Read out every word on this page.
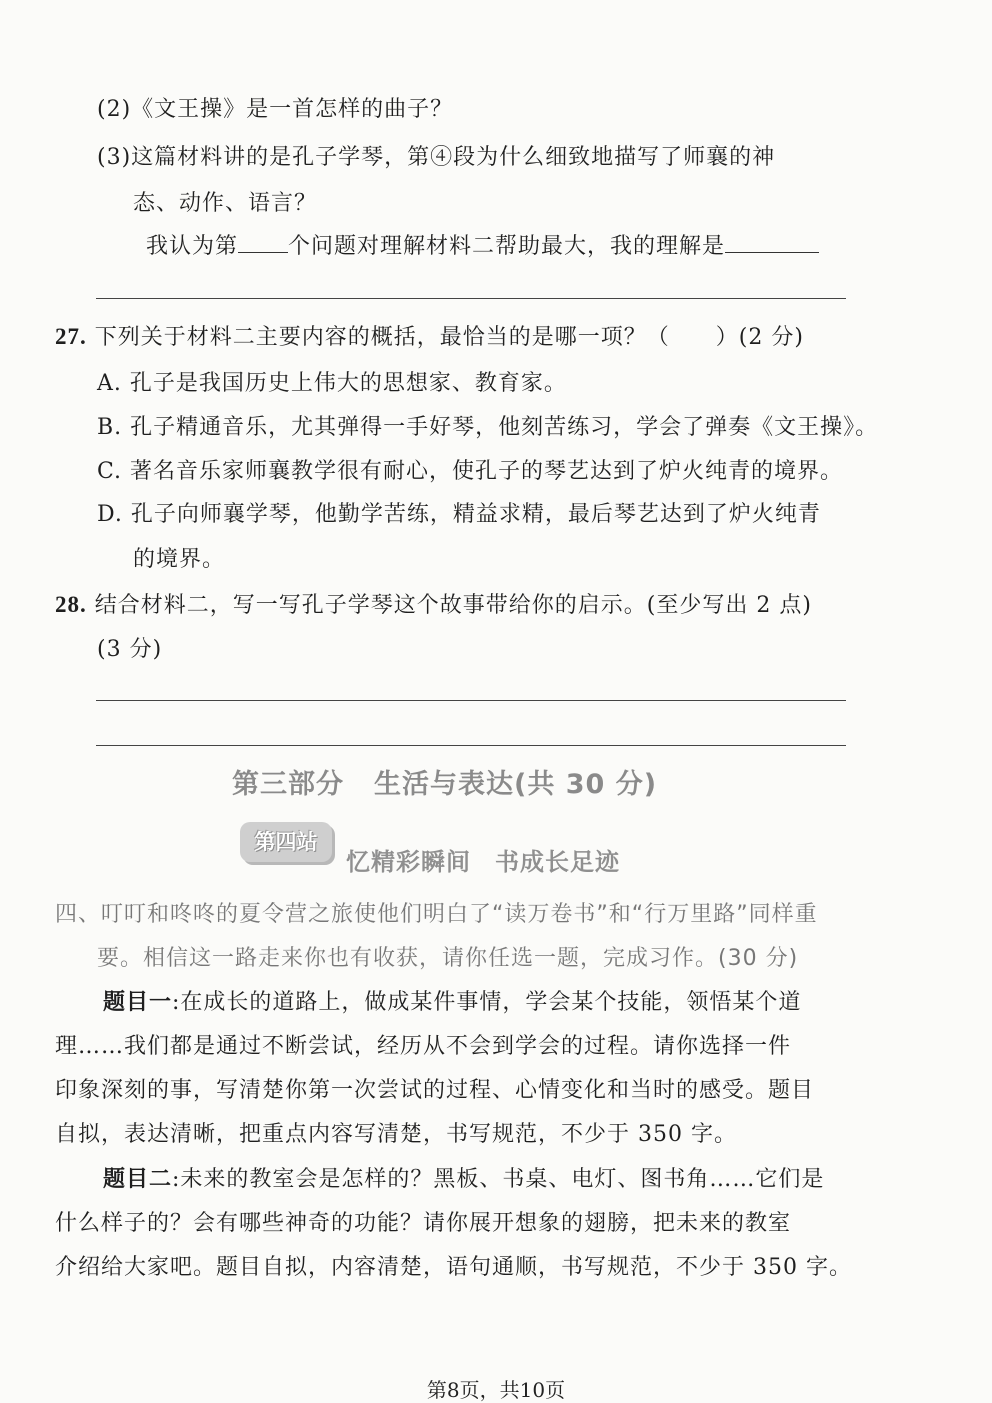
(2)《文王操》是一首怎样的曲子？
(3)这篇材料讲的是孔子学琴，第④段为什么细致地描写了师襄的神
态、动作、语言？
我认为第 个问题对理解材料二帮助最大，我的理解是
27. 下列关于材料二主要内容的概括，最恰当的是哪一项？（　　）(2 分)
A. 孔子是我国历史上伟大的思想家、教育家。
B. 孔子精通音乐，尤其弹得一手好琴，他刻苦练习，学会了弹奏《文王操》。
C. 著名音乐家师襄教学很有耐心，使孔子的琴艺达到了炉火纯青的境界。
D. 孔子向师襄学琴，他勤学苦练，精益求精，最后琴艺达到了炉火纯青
的境界。
28. 结合材料二，写一写孔子学琴这个故事带给你的启示。(至少写出 2 点)
(3 分)
第三部分 生活与表达(共 30 分)
第四站
忆精彩瞬间 书成长足迹
四、叮叮和咚咚的夏令营之旅使他们明白了“读万卷书”和“行万里路”同样重
要。相信这一路走来你也有收获，请你任选一题，完成习作。(30 分)
题目一:在成长的道路上，做成某件事情，学会某个技能，领悟某个道
理……我们都是通过不断尝试，经历从不会到学会的过程。请你选择一件
印象深刻的事，写清楚你第一次尝试的过程、心情变化和当时的感受。题目
自拟，表达清晰，把重点内容写清楚，书写规范，不少于 350 字。
题目二:未来的教室会是怎样的？黑板、书桌、电灯、图书角……它们是
什么样子的？会有哪些神奇的功能？请你展开想象的翅膀，把未来的教室
介绍给大家吧。题目自拟，内容清楚，语句通顺，书写规范，不少于 350 字。
第8页，共10页
